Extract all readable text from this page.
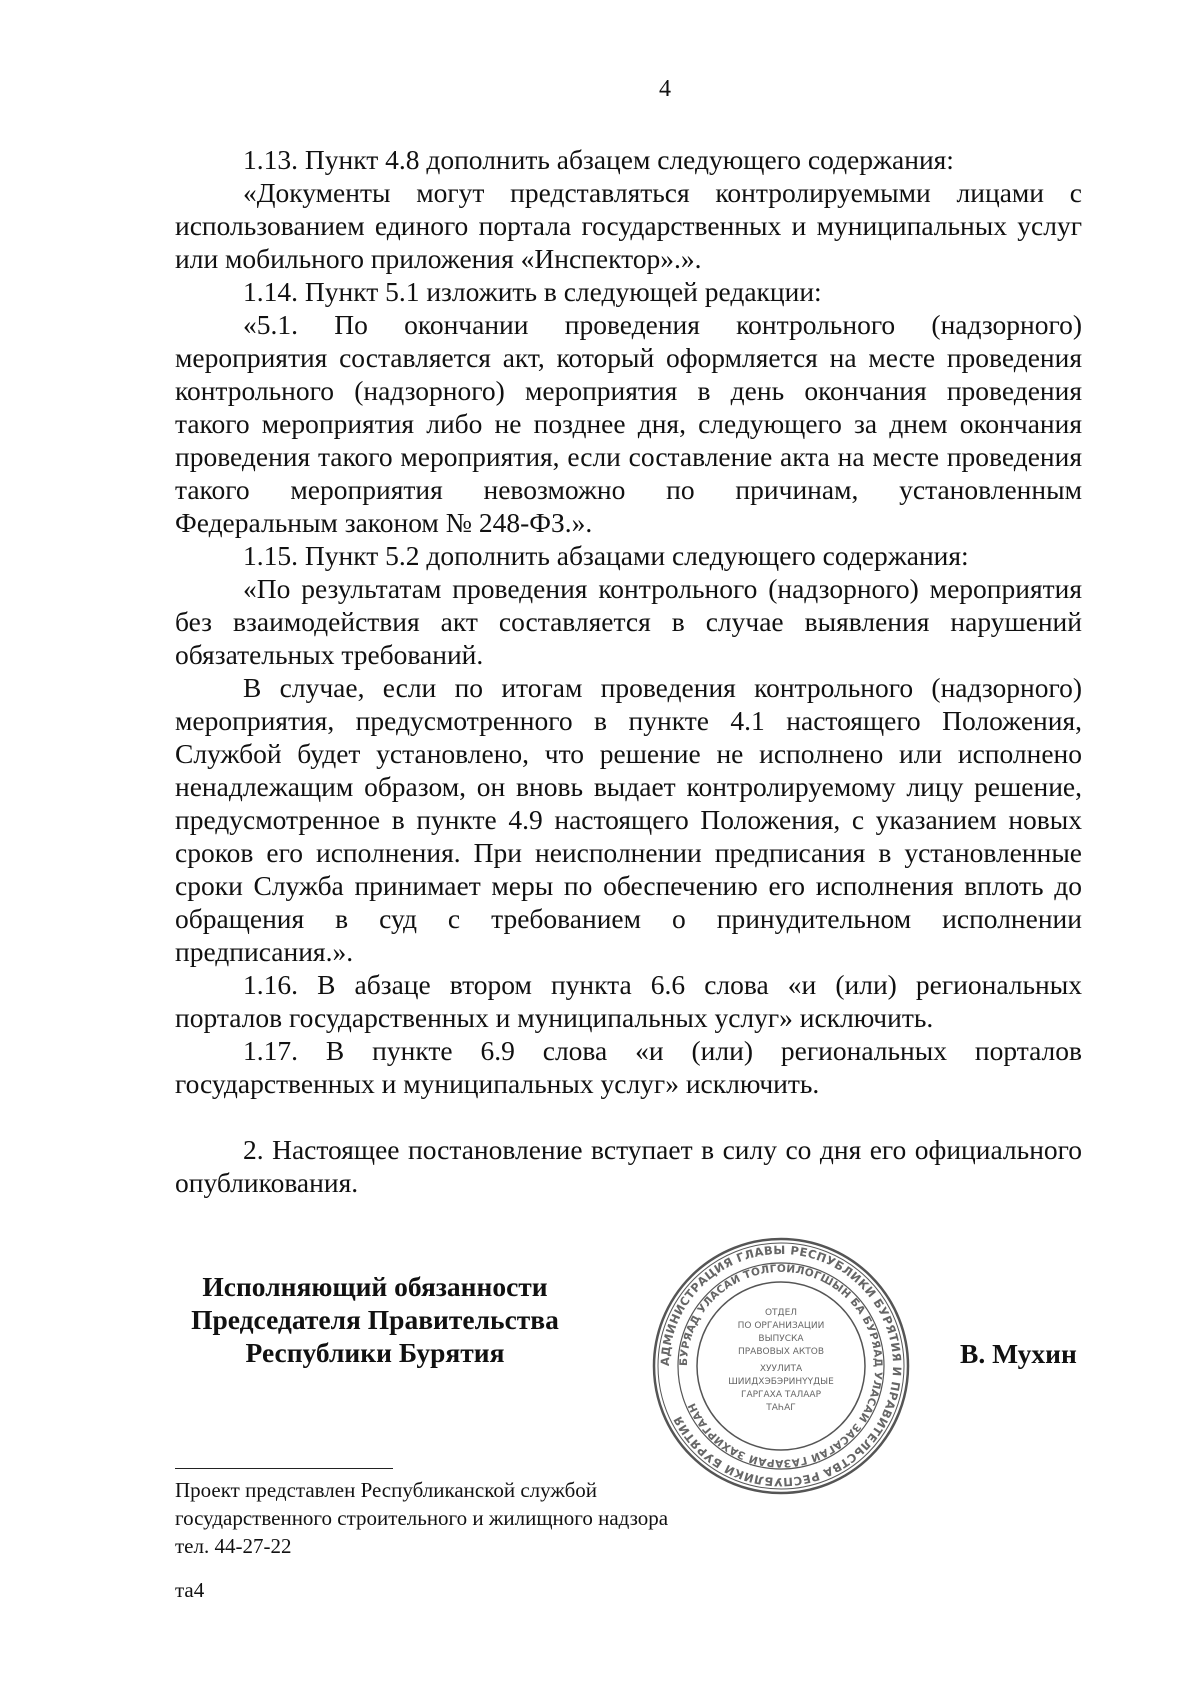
4

1.13. Пункт 4.8 дополнить абзацем следующего содержания:

«Документы могут представляться контролируемыми лицами с использованием единого портала государственных и муниципальных услуг или мобильного приложения «Инспектор».».

1.14. Пункт 5.1 изложить в следующей редакции:

«5.1. По окончании проведения контрольного (надзорного) мероприятия составляется акт, который оформляется на месте проведения контрольного (надзорного) мероприятия в день окончания проведения такого мероприятия либо не позднее дня, следующего за днем окончания проведения такого мероприятия, если составление акта на месте проведения такого мероприятия невозможно по причинам, установленным Федеральным законом № 248-ФЗ.».

1.15. Пункт 5.2 дополнить абзацами следующего содержания:

«По результатам проведения контрольного (надзорного) мероприятия без взаимодействия акт составляется в случае выявления нарушений обязательных требований.

В случае, если по итогам проведения контрольного (надзорного) мероприятия, предусмотренного в пункте 4.1 настоящего Положения, Службой будет установлено, что решение не исполнено или исполнено ненадлежащим образом, он вновь выдает контролируемому лицу решение, предусмотренное в пункте 4.9 настоящего Положения, с указанием новых сроков его исполнения. При неисполнении предписания в установленные сроки Служба принимает меры по обеспечению его исполнения вплоть до обращения в суд с требованием о принудительном исполнении предписания.».

1.16. В абзаце втором пункта 6.6 слова «и (или) региональных порталов государственных и муниципальных услуг» исключить.

1.17. В пункте 6.9 слова «и (или) региональных порталов государственных и муниципальных услуг» исключить.

2. Настоящее постановление вступает в силу со дня его официального опубликования.

Исполняющий обязанности
Председателя Правительства
Республики Бурятия	АДМИНИСТРАЦИЯ ГЛАВЫ РЕСПУБЛИКИ БУРЯТИЯ И ПРАВИТЕЛЬСТВА РЕСПУБЛИКИ БУРЯТИЯ
БУРЯАД УЛАСАЙ ТОЛГОЙЛОГШЫН БА БУРЯАД УЛАСАЙ ЗАСАГАЙ ГАЗАРАЙ ЗАХИРГААН
ОТДЕЛ
ПО ОРГАНИЗАЦИИ
ВЫПУСКА
ПРАВОВЫХ АКТОВ
ХУУЛИТА
ШИИДХЭБЭРИНҮҮДЫЕ
ГАРГАХА ТАЛААР
ТАҺАГ
В. Мухин
Проект представлен Республиканской службой
государственного строительного и жилищного надзора
тел. 44-27-22
та4
